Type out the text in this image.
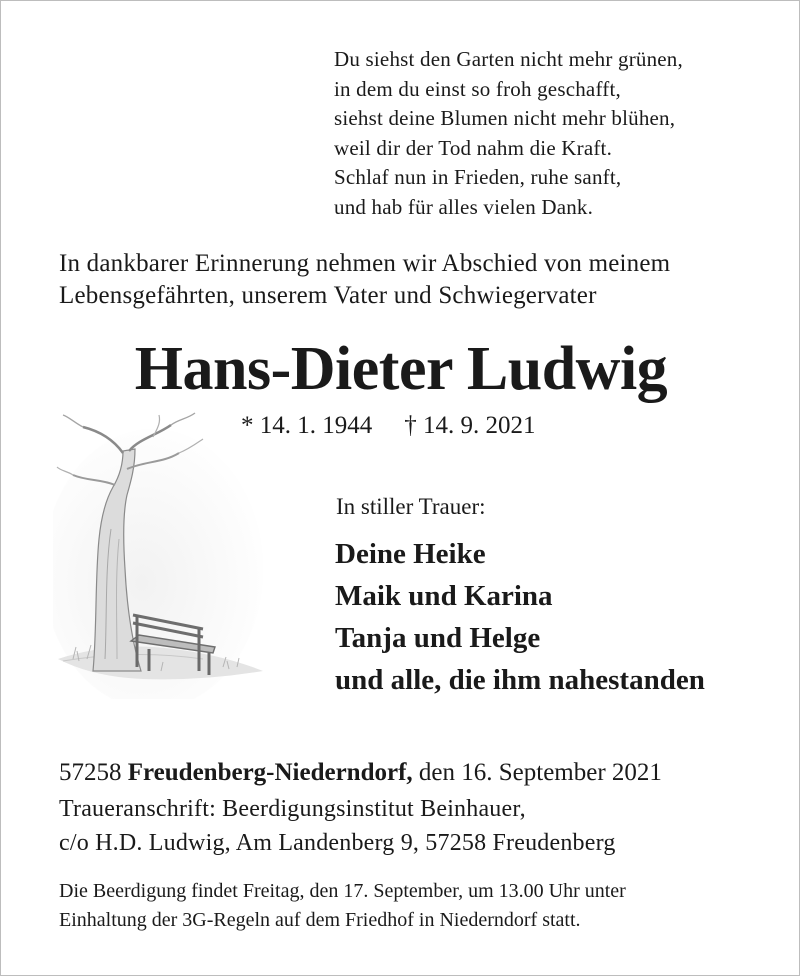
Du siehst den Garten nicht mehr grünen,
in dem du einst so froh geschafft,
siehst deine Blumen nicht mehr blühen,
weil dir der Tod nahm die Kraft.
Schlaf nun in Frieden, ruhe sanft,
und hab für alles vielen Dank.
In dankbarer Erinnerung nehmen wir Abschied von meinem
Lebensgefährten, unserem Vater und Schwiegervater
Hans-Dieter Ludwig
* 14. 1. 1944 † 14. 9. 2021
In stiller Trauer:
Deine Heike
Maik und Karina
Tanja und Helge
und alle, die ihm nahestanden
57258 Freudenberg-Niederndorf, den 16. September 2021
Traueranschrift: Beerdigungsinstitut Beinhauer,
c/o H.D. Ludwig, Am Landenberg 9, 57258 Freudenberg
Die Beerdigung findet Freitag, den 17. September, um 13.00 Uhr unter
Einhaltung der 3G-Regeln auf dem Friedhof in Niederndorf statt.
